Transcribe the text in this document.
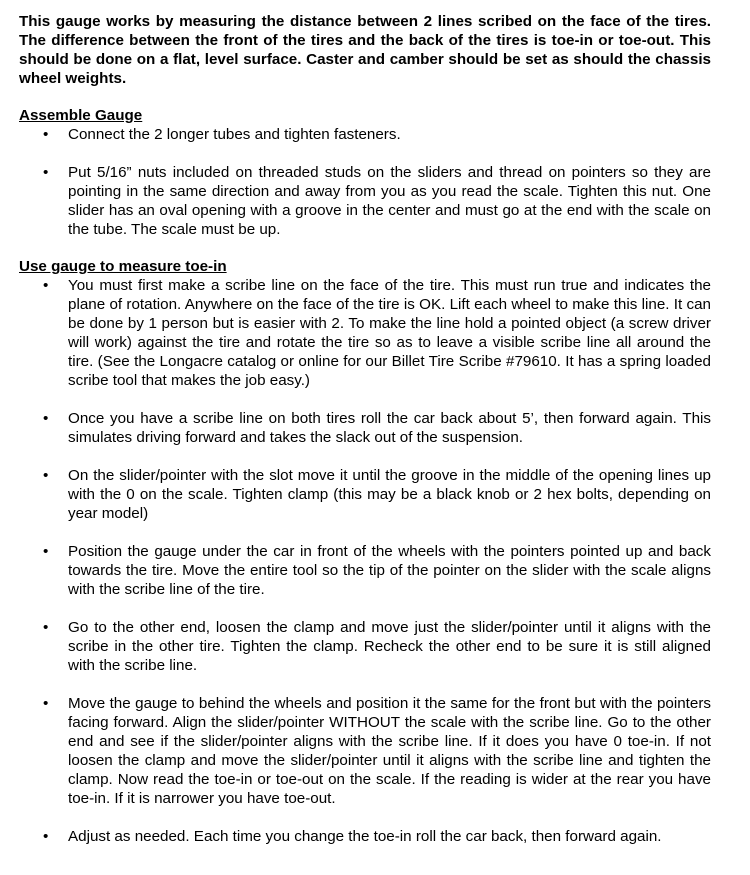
This gauge works by measuring the distance between 2 lines scribed on the face of the tires. The difference between the front of the tires and the back of the tires is toe-in or toe-out. This should be done on a flat, level surface. Caster and camber should be set as should the chassis wheel weights.

Assemble Gauge

• Connect the 2 longer tubes and tighten fasteners.
• Put 5/16” nuts included on threaded studs on the sliders and thread on pointers so they are pointing in the same direction and away from you as you read the scale. Tighten this nut. One slider has an oval opening with a groove in the center and must go at the end with the scale on the tube. The scale must be up.

Use gauge to measure toe-in

• You must first make a scribe line on the face of the tire. This must run true and indicates the plane of rotation. Anywhere on the face of the tire is OK. Lift each wheel to make this line. It can be done by 1 person but is easier with 2. To make the line hold a pointed object (a screw driver will work) against the tire and rotate the tire so as to leave a visible scribe line all around the tire. (See the Longacre catalog or online for our Billet Tire Scribe #79610. It has a spring loaded scribe tool that makes the job easy.)
• Once you have a scribe line on both tires roll the car back about 5’, then forward again. This simulates driving forward and takes the slack out of the suspension.
• On the slider/pointer with the slot move it until the groove in the middle of the opening lines up with the 0 on the scale. Tighten clamp (this may be a black knob or 2 hex bolts, depending on year model)
• Position the gauge under the car in front of the wheels with the pointers pointed up and back towards the tire. Move the entire tool so the tip of the pointer on the slider with the scale aligns with the scribe line of the tire.
• Go to the other end, loosen the clamp and move just the slider/pointer until it aligns with the scribe in the other tire. Tighten the clamp. Recheck the other end to be sure it is still aligned with the scribe line.
• Move the gauge to behind the wheels and position it the same for the front but with the pointers facing forward. Align the slider/pointer WITHOUT the scale with the scribe line. Go to the other end and see if the slider/pointer aligns with the scribe line. If it does you have 0 toe-in. If not loosen the clamp and move the slider/pointer until it aligns with the scribe line and tighten the clamp. Now read the toe-in or toe-out on the scale. If the reading is wider at the rear you have toe-in. If it is narrower you have toe-out.
• Adjust as needed. Each time you change the toe-in roll the car back, then forward again.
